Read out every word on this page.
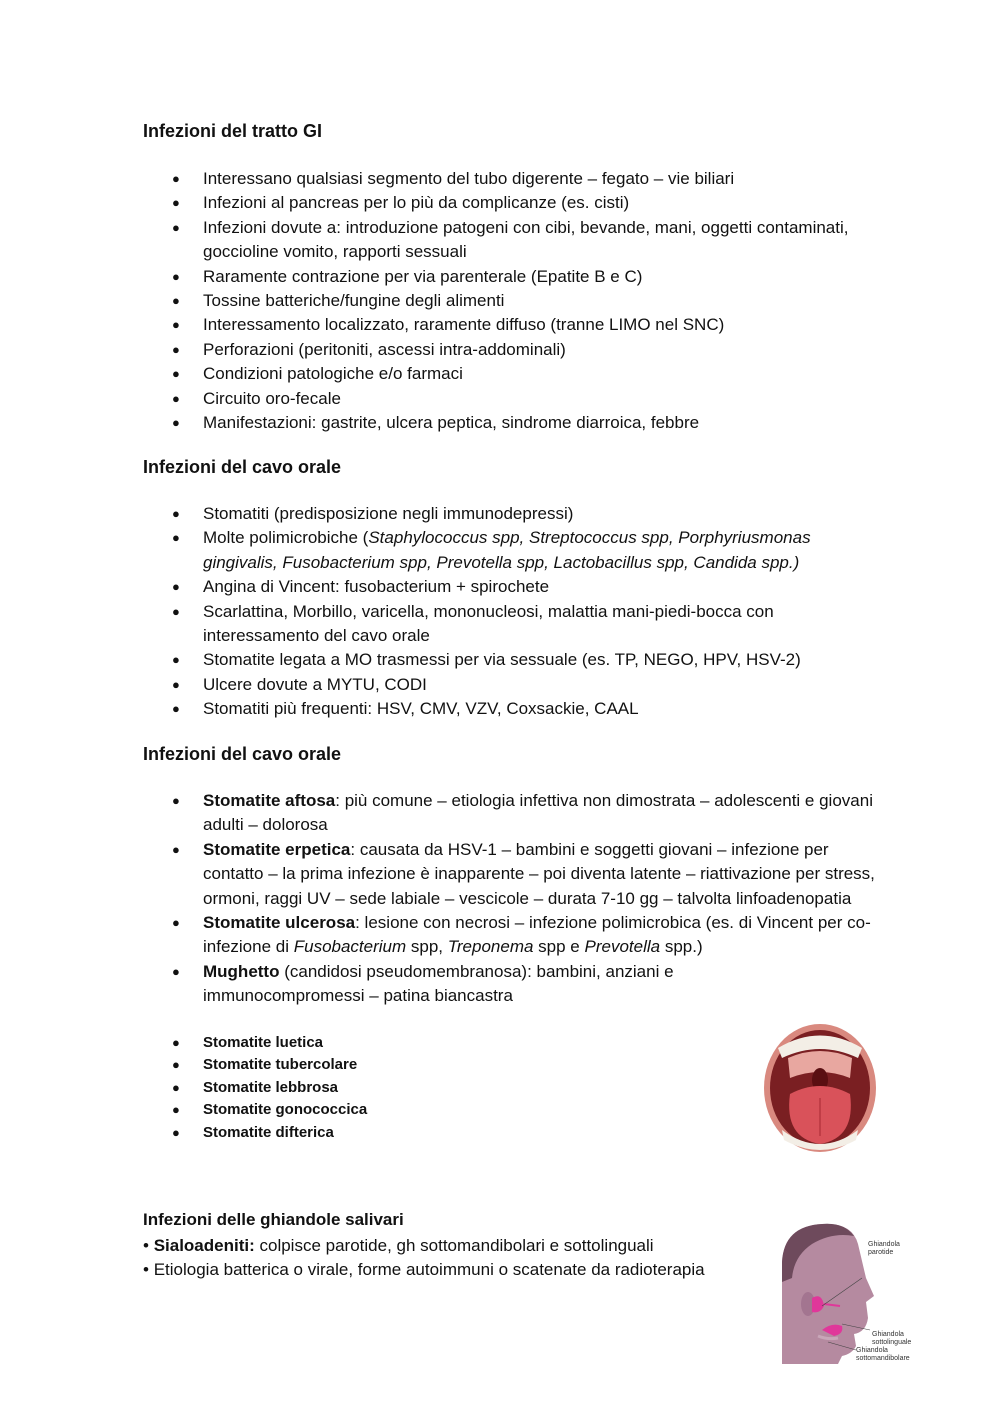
Infezioni del tratto GI
● Interessano qualsiasi segmento del tubo digerente – fegato – vie biliari
● Infezioni al pancreas per lo più da complicanze (es. cisti)
● Infezioni dovute a: introduzione patogeni con cibi, bevande, mani, oggetti contaminati, goccioline vomito, rapporti sessuali
● Raramente contrazione per via parenterale (Epatite B e C)
● Tossine batteriche/fungine degli alimenti
● Interessamento localizzato, raramente diffuso (tranne LIMO nel SNC)
● Perforazioni (peritoniti, ascessi intra-addominali)
● Condizioni patologiche e/o farmaci
● Circuito oro-fecale
● Manifestazioni: gastrite, ulcera peptica, sindrome diarroica, febbre
Infezioni del cavo orale
● Stomatiti (predisposizione negli immunodepressi)
● Molte polimicrobiche (Staphylococcus spp, Streptococcus spp, Porphyriusmonas gingivalis, Fusobacterium spp, Prevotella spp, Lactobacillus spp, Candida spp.)
● Angina di Vincent: fusobacterium + spirochete
● Scarlattina, Morbillo, varicella, mononucleosi, malattia mani-piedi-bocca con interessamento del cavo orale
● Stomatite legata a MO trasmessi per via sessuale (es. TP, NEGO, HPV, HSV-2)
● Ulcere dovute a MYTU, CODI
● Stomatiti più frequenti: HSV, CMV, VZV, Coxsackie, CAAL
Infezioni del cavo orale
● Stomatite aftosa: più comune – etiologia infettiva non dimostrata – adolescenti e giovani adulti – dolorosa
● Stomatite erpetica: causata da HSV-1 – bambini e soggetti giovani – infezione per contatto – la prima infezione è inapparente – poi diventa latente – riattivazione per stress, ormoni, raggi UV – sede labiale – vescicole – durata 7-10 gg – talvolta linfoadenopatia
● Stomatite ulcerosa: lesione con necrosi – infezione polimicrobica (es. di Vincent per co-infezione di Fusobacterium spp, Treponema spp e Prevotella spp.)
● Mughetto (candidosi pseudomembranosa): bambini, anziani e immunocompromessi – patina biancastra
● Stomatite luetica
● Stomatite tubercolare
● Stomatite lebbrosa
● Stomatite gonococcica
● Stomatite difterica
Infezioni delle ghiandole salivari

• Sialoadeniti: colpisce parotide, gh sottomandibolari e sottolinguali

• Etiologia batterica o virale, forme autoimmuni o scatenate da radioterapia

Ghiandola
parotide
Ghiandola
sottolinguale
Ghiandola
sottomandibolare
